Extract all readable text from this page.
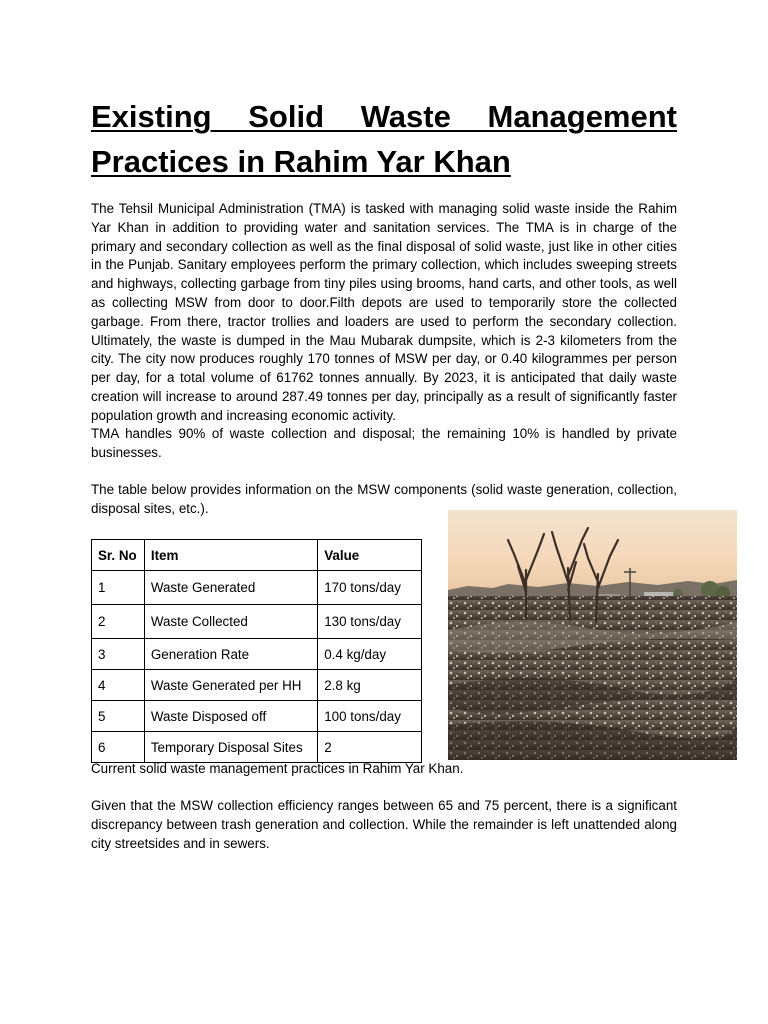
Existing Solid Waste Management Practices in Rahim Yar Khan

The Tehsil Municipal Administration (TMA) is tasked with managing solid waste inside the Rahim Yar Khan in addition to providing water and sanitation services. The TMA is in charge of the primary and secondary collection as well as the final disposal of solid waste, just like in other cities in the Punjab. Sanitary employees perform the primary collection, which includes sweeping streets and highways, collecting garbage from tiny piles using brooms, hand carts, and other tools, as well as collecting MSW from door to door.Filth depots are used to temporarily store the collected garbage. From there, tractor trollies and loaders are used to perform the secondary collection. Ultimately, the waste is dumped in the Mau Mubarak dumpsite, which is 2-3 kilometers from the city. The city now produces roughly 170 tonnes of MSW per day, or 0.40 kilogrammes per person per day, for a total volume of 61762 tonnes annually. By 2023, it is anticipated that daily waste creation will increase to around 287.49 tonnes per day, principally as a result of significantly faster population growth and increasing economic activity.

TMA handles 90% of waste collection and disposal; the remaining 10% is handled by private businesses.

The table below provides information on the MSW components (solid waste generation, collection, disposal sites, etc.).

Sr. No	Item	Value
1	Waste Generated	170 tons/day
2	Waste Collected	130 tons/day
3	Generation Rate	0.4 kg/day
4	Waste Generated per HH	2.8 kg
5	Waste Disposed off	100 tons/day
6	Temporary Disposal Sites	2

Current solid waste management practices in Rahim Yar Khan.

Given that the MSW collection efficiency ranges between 65 and 75 percent, there is a significant discrepancy between trash generation and collection. While the remainder is left unattended along city streetsides and in sewers.
